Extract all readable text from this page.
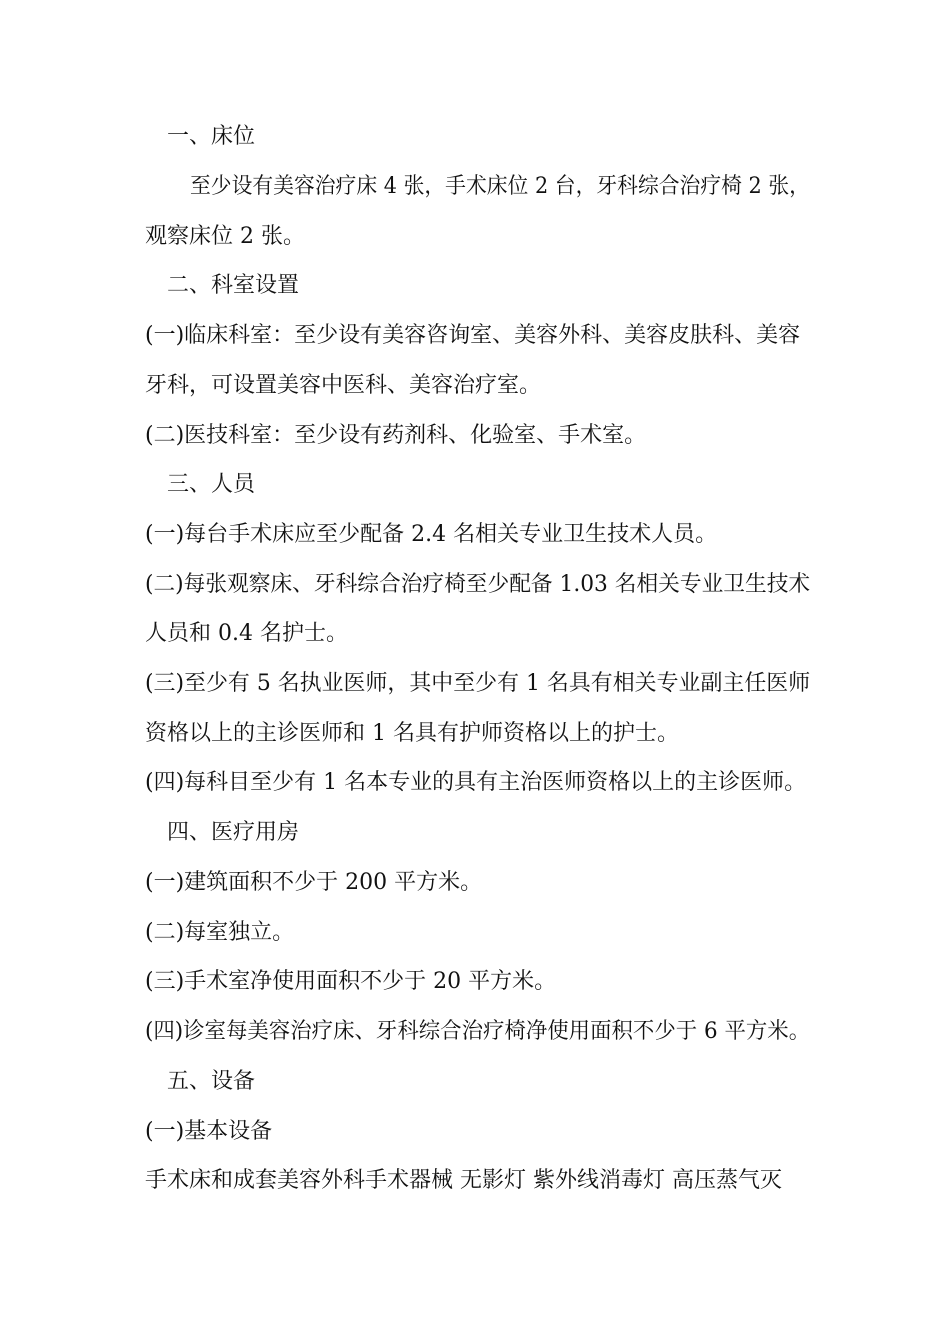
一、床位
至少设有美容治疗床 4 张，手术床位 2 台，牙科综合治疗椅 2 张，
观察床位 2 张。
二、科室设置
(一)临床科室：至少设有美容咨询室、美容外科、美容皮肤科、美容
牙科，可设置美容中医科、美容治疗室。
(二)医技科室：至少设有药剂科、化验室、手术室。
三、人员
(一)每台手术床应至少配备 2.4 名相关专业卫生技术人员。
(二)每张观察床、牙科综合治疗椅至少配备 1.03 名相关专业卫生技术
人员和 0.4 名护士。
(三)至少有 5 名执业医师，其中至少有 1 名具有相关专业副主任医师
资格以上的主诊医师和 1 名具有护师资格以上的护士。
(四)每科目至少有 1 名本专业的具有主治医师资格以上的主诊医师。
四、医疗用房
(一)建筑面积不少于 200 平方米。
(二)每室独立。
(三)手术室净使用面积不少于 20 平方米。
(四)诊室每美容治疗床、牙科综合治疗椅净使用面积不少于 6 平方米。
五、设备
(一)基本设备
手术床和成套美容外科手术器械 无影灯 紫外线消毒灯 高压蒸气灭
